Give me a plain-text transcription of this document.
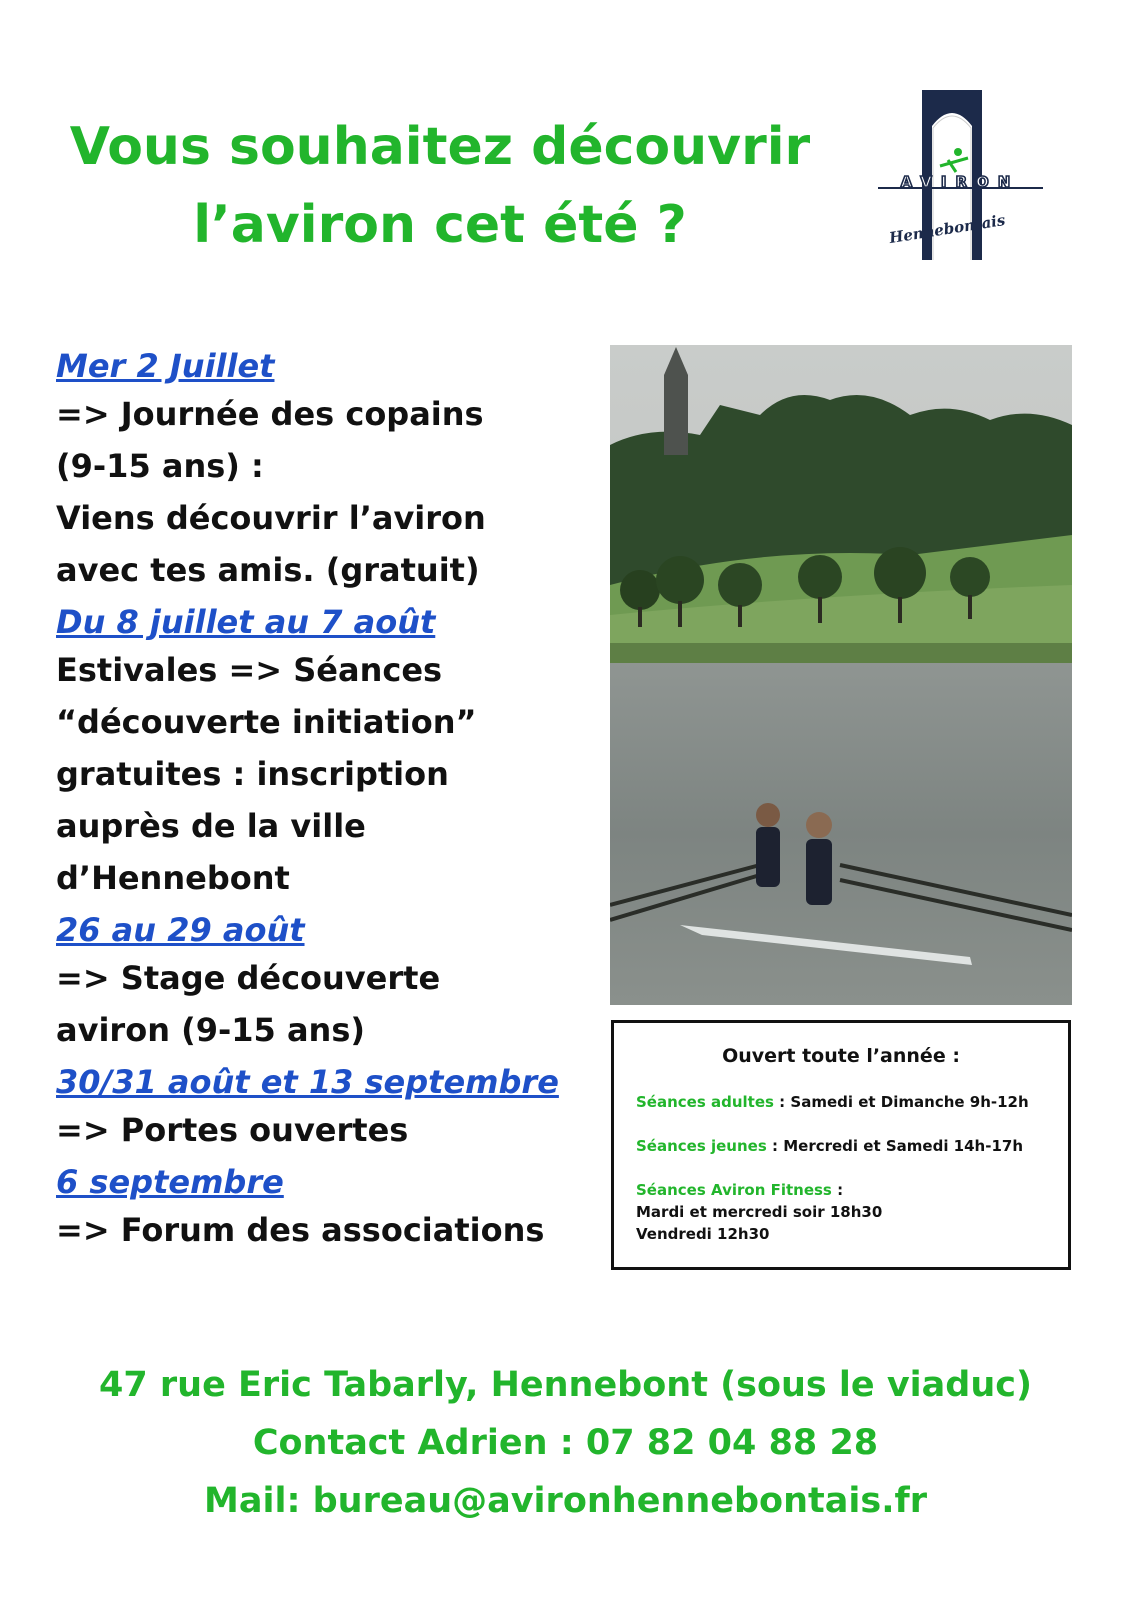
Vous souhaitez découvrir
l’aviron cet été ?
AVIRON
Hennebontais

Mer 2 Juillet

=> Journée des copains
(9-15 ans) :
Viens découvrir l’aviron
avec tes amis. (gratuit)

Du 8 juillet au 7 août

Estivales => Séances
“découverte initiation”
gratuites : inscription
auprès de la ville
d’Hennebont

26 au 29 août

=> Stage découverte
aviron (9-15 ans)

30/31 août et 13 septembre

=> Portes ouvertes

6 septembre

=> Forum des associations

Ouvert toute l’année :

Séances adultes : Samedi et Dimanche 9h-12h

Séances jeunes : Mercredi et Samedi 14h-17h

Séances Aviron Fitness :
Mardi et mercredi soir 18h30
Vendredi 12h30

47 rue Eric Tabarly, Hennebont (sous le viaduc)

Contact Adrien : 07 82 04 88 28

Mail: bureau@avironhennebontais.fr
